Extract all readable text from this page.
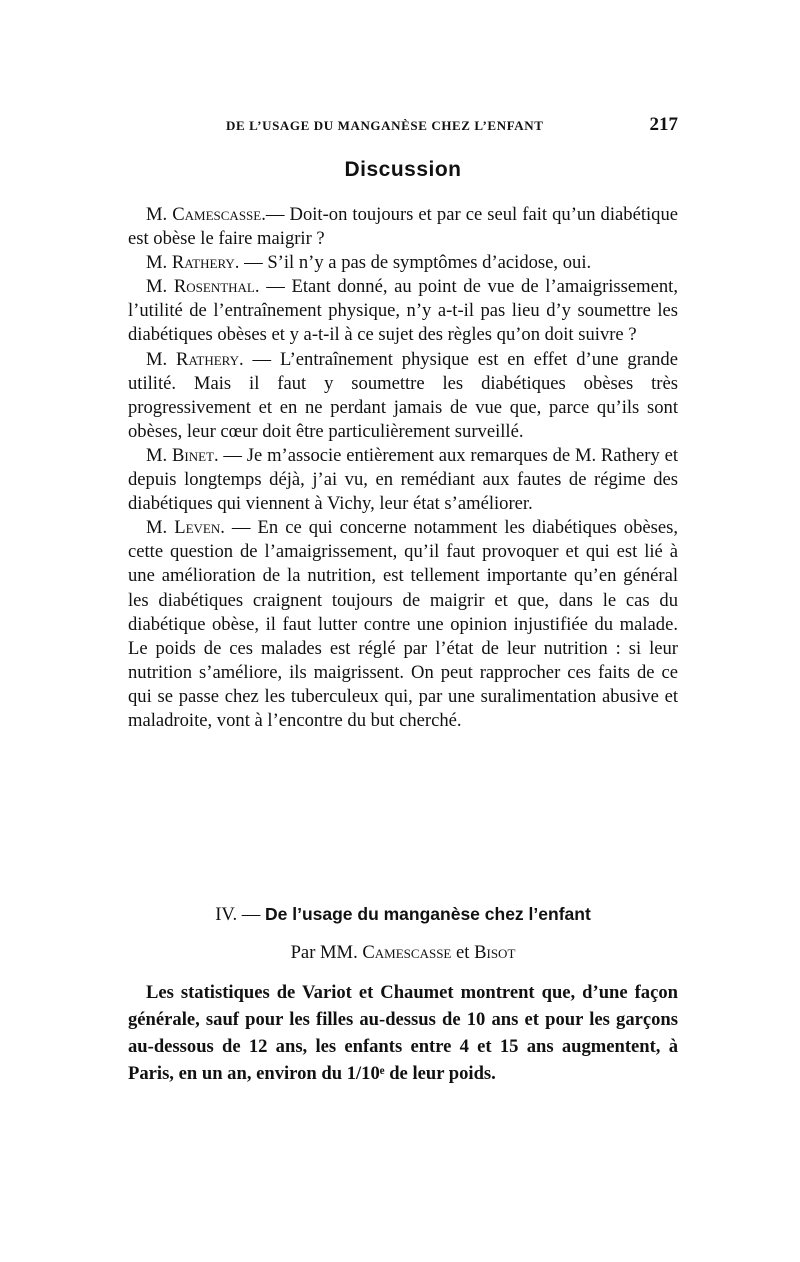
DE L’USAGE DU MANGANÈSE CHEZ L’ENFANT	217
Discussion

M. Camescasse.— Doit-on toujours et par ce seul fait qu’un diabétique est obèse le faire maigrir ?

M. Rathery. — S’il n’y a pas de symptômes d’acidose, oui.

M. Rosenthal. — Etant donné, au point de vue de l’amaigrissement, l’utilité de l’entraînement physique, n’y a-t-il pas lieu d’y soumettre les diabétiques obèses et y a-t-il à ce sujet des règles qu’on doit suivre ?

M. Rathery. — L’entraînement physique est en effet d’une grande utilité. Mais il faut y soumettre les diabétiques obèses très progressivement et en ne perdant jamais de vue que, parce qu’ils sont obèses, leur cœur doit être particulièrement surveillé.

M. Binet. — Je m’associe entièrement aux remarques de M. Rathery et depuis longtemps déjà, j’ai vu, en remédiant aux fautes de régime des diabétiques qui viennent à Vichy, leur état s’améliorer.

M. Leven. — En ce qui concerne notamment les diabétiques obèses, cette question de l’amaigrissement, qu’il faut provoquer et qui est lié à une amélioration de la nutrition, est tellement importante qu’en général les diabétiques craignent toujours de maigrir et que, dans le cas du diabétique obèse, il faut lutter contre une opinion injustifiée du malade. Le poids de ces malades est réglé par l’état de leur nutrition : si leur nutrition s’améliore, ils maigrissent. On peut rapprocher ces faits de ce qui se passe chez les tuberculeux qui, par une suralimentation abusive et maladroite, vont à l’encontre du but cherché.

IV. — De l’usage du manganèse chez l’enfant
Par MM. Camescasse et Bisot

Les statistiques de Variot et Chaumet montrent que, d’une façon générale, sauf pour les filles au-dessus de 10 ans et pour les garçons au-dessous de 12 ans, les enfants entre 4 et 15 ans augmentent, à Paris, en un an, environ du 1/10ᵉ de leur poids.
